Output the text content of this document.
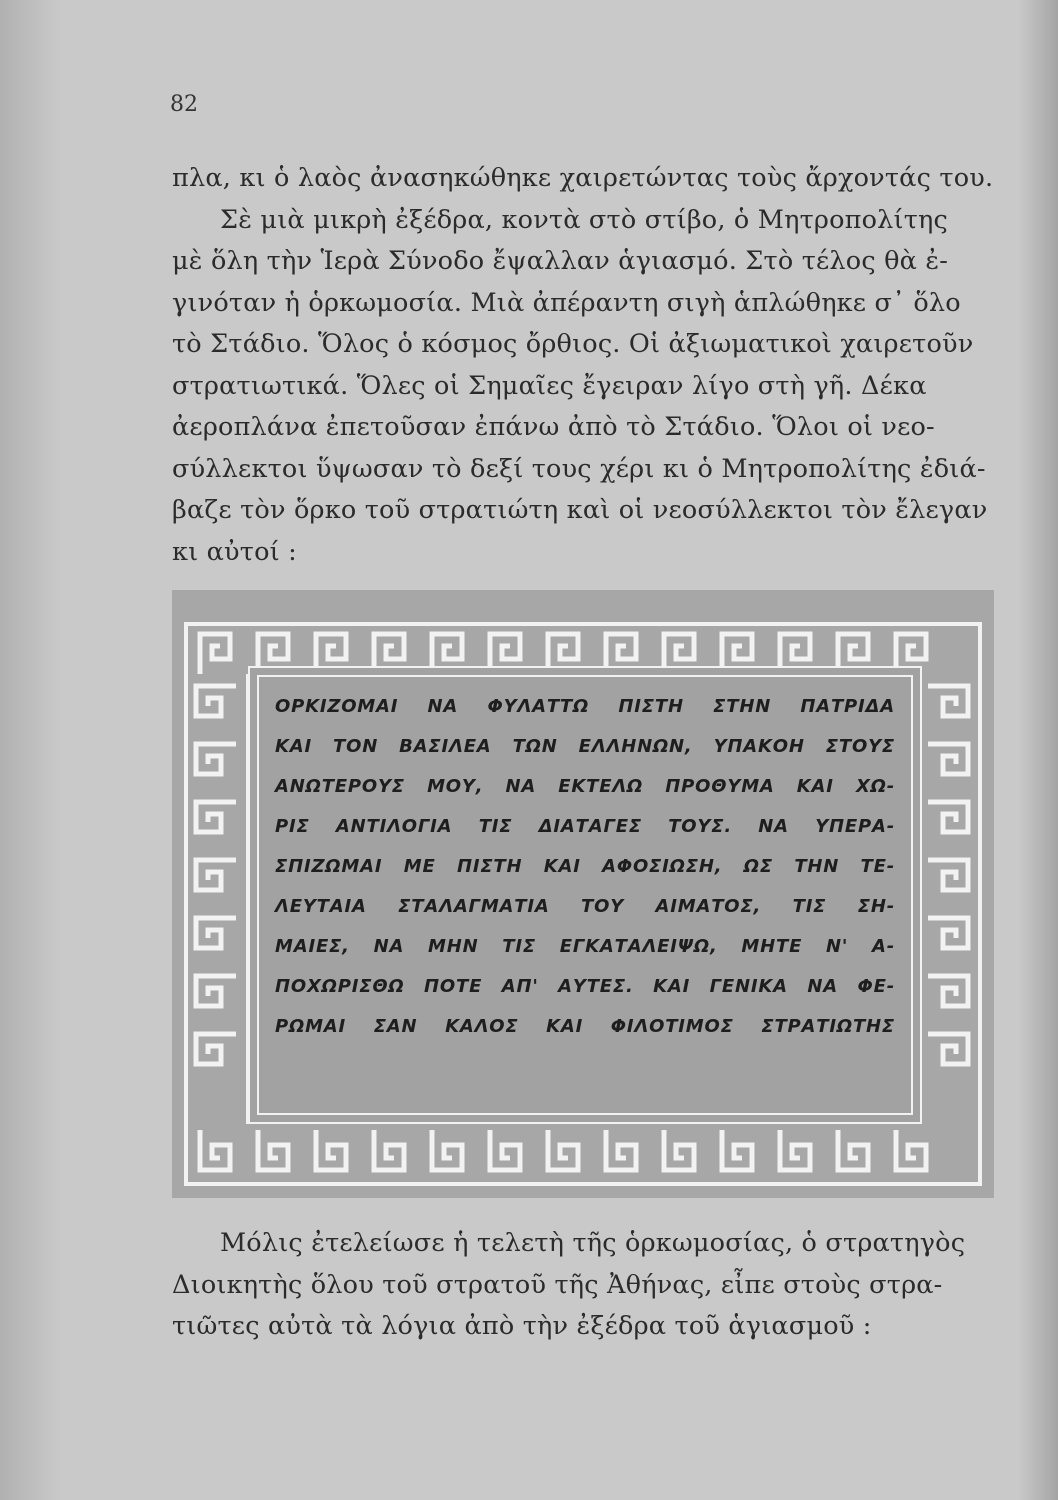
82
πλα, κι ὁ λαὸς ἀνασηκώθηκε χαιρετώντας τοὺς ἄρχοντάς του.
Σὲ μιὰ μικρὴ ἐξέδρα, κοντὰ στὸ στίβο, ὁ Μητροπολίτης
μὲ ὅλη τὴν Ἱερὰ Σύνοδο ἔψαλλαν ἁγιασμό. Στὸ τέλος θὰ ἐ-
γινόταν ἡ ὁρκωμοσία. Μιὰ ἀπέραντη σιγὴ ἁπλώθηκε σ᾿ ὅλο
τὸ Στάδιο. Ὅλος ὁ κόσμος ὄρθιος. Οἱ ἀξιωματικοὶ χαιρετοῦν
στρατιωτικά. Ὅλες οἱ Σημαῖες ἔγειραν λίγο στὴ γῆ. Δέκα
ἀεροπλάνα ἐπετοῦσαν ἐπάνω ἀπὸ τὸ Στάδιο. Ὅλοι οἱ νεο-
σύλλεκτοι ὕψωσαν τὸ δεξί τους χέρι κι ὁ Μητροπολίτης ἐδιά-
βαζε τὸν ὅρκο τοῦ στρατιώτη καὶ οἱ νεοσύλλεκτοι τὸν ἔλεγαν
κι αὐτοί :
ΟΡΚΙΖΟΜΑΙ ΝΑ ΦΥΛΑΤΤΩ ΠΙΣΤΗ ΣΤΗΝ ΠΑΤΡΙΔΑ
ΚΑΙ ΤΟΝ ΒΑΣΙΛΕΑ ΤΩΝ ΕΛΛΗΝΩΝ, ΥΠΑΚΟΗ ΣΤΟΥΣ
ΑΝΩΤΕΡΟΥΣ ΜΟΥ, ΝΑ ΕΚΤΕΛΩ ΠΡΟΘΥΜΑ ΚΑΙ ΧΩ-
ΡΙΣ ΑΝΤΙΛΟΓΙΑ ΤΙΣ ΔΙΑΤΑΓΕΣ ΤΟΥΣ. ΝΑ ΥΠΕΡΑ-
ΣΠΙΖΩΜΑΙ ΜΕ ΠΙΣΤΗ ΚΑΙ ΑΦΟΣΙΩΣΗ, ΩΣ ΤΗΝ ΤΕ-
ΛΕΥΤΑΙΑ ΣΤΑΛΑΓΜΑΤΙΑ ΤΟΥ ΑΙΜΑΤΟΣ, ΤΙΣ ΣΗ-
ΜΑΙΕΣ, ΝΑ ΜΗΝ ΤΙΣ ΕΓΚΑΤΑΛΕΙΨΩ, ΜΗΤΕ Ν' Α-
ΠΟΧΩΡΙΣΘΩ ΠΟΤΕ ΑΠ' ΑΥΤΕΣ. ΚΑΙ ΓΕΝΙΚΑ ΝΑ ΦΕ-
ΡΩΜΑΙ ΣΑΝ ΚΑΛΟΣ ΚΑΙ ΦΙΛΟΤΙΜΟΣ ΣΤΡΑΤΙΩΤΗΣ
Μόλις ἐτελείωσε ἡ τελετὴ τῆς ὁρκωμοσίας, ὁ στρατηγὸς
Διοικητὴς ὅλου τοῦ στρατοῦ τῆς Ἀθήνας, εἶπε στοὺς στρα-
τιῶτες αὐτὰ τὰ λόγια ἀπὸ τὴν ἐξέδρα τοῦ ἁγιασμοῦ :
